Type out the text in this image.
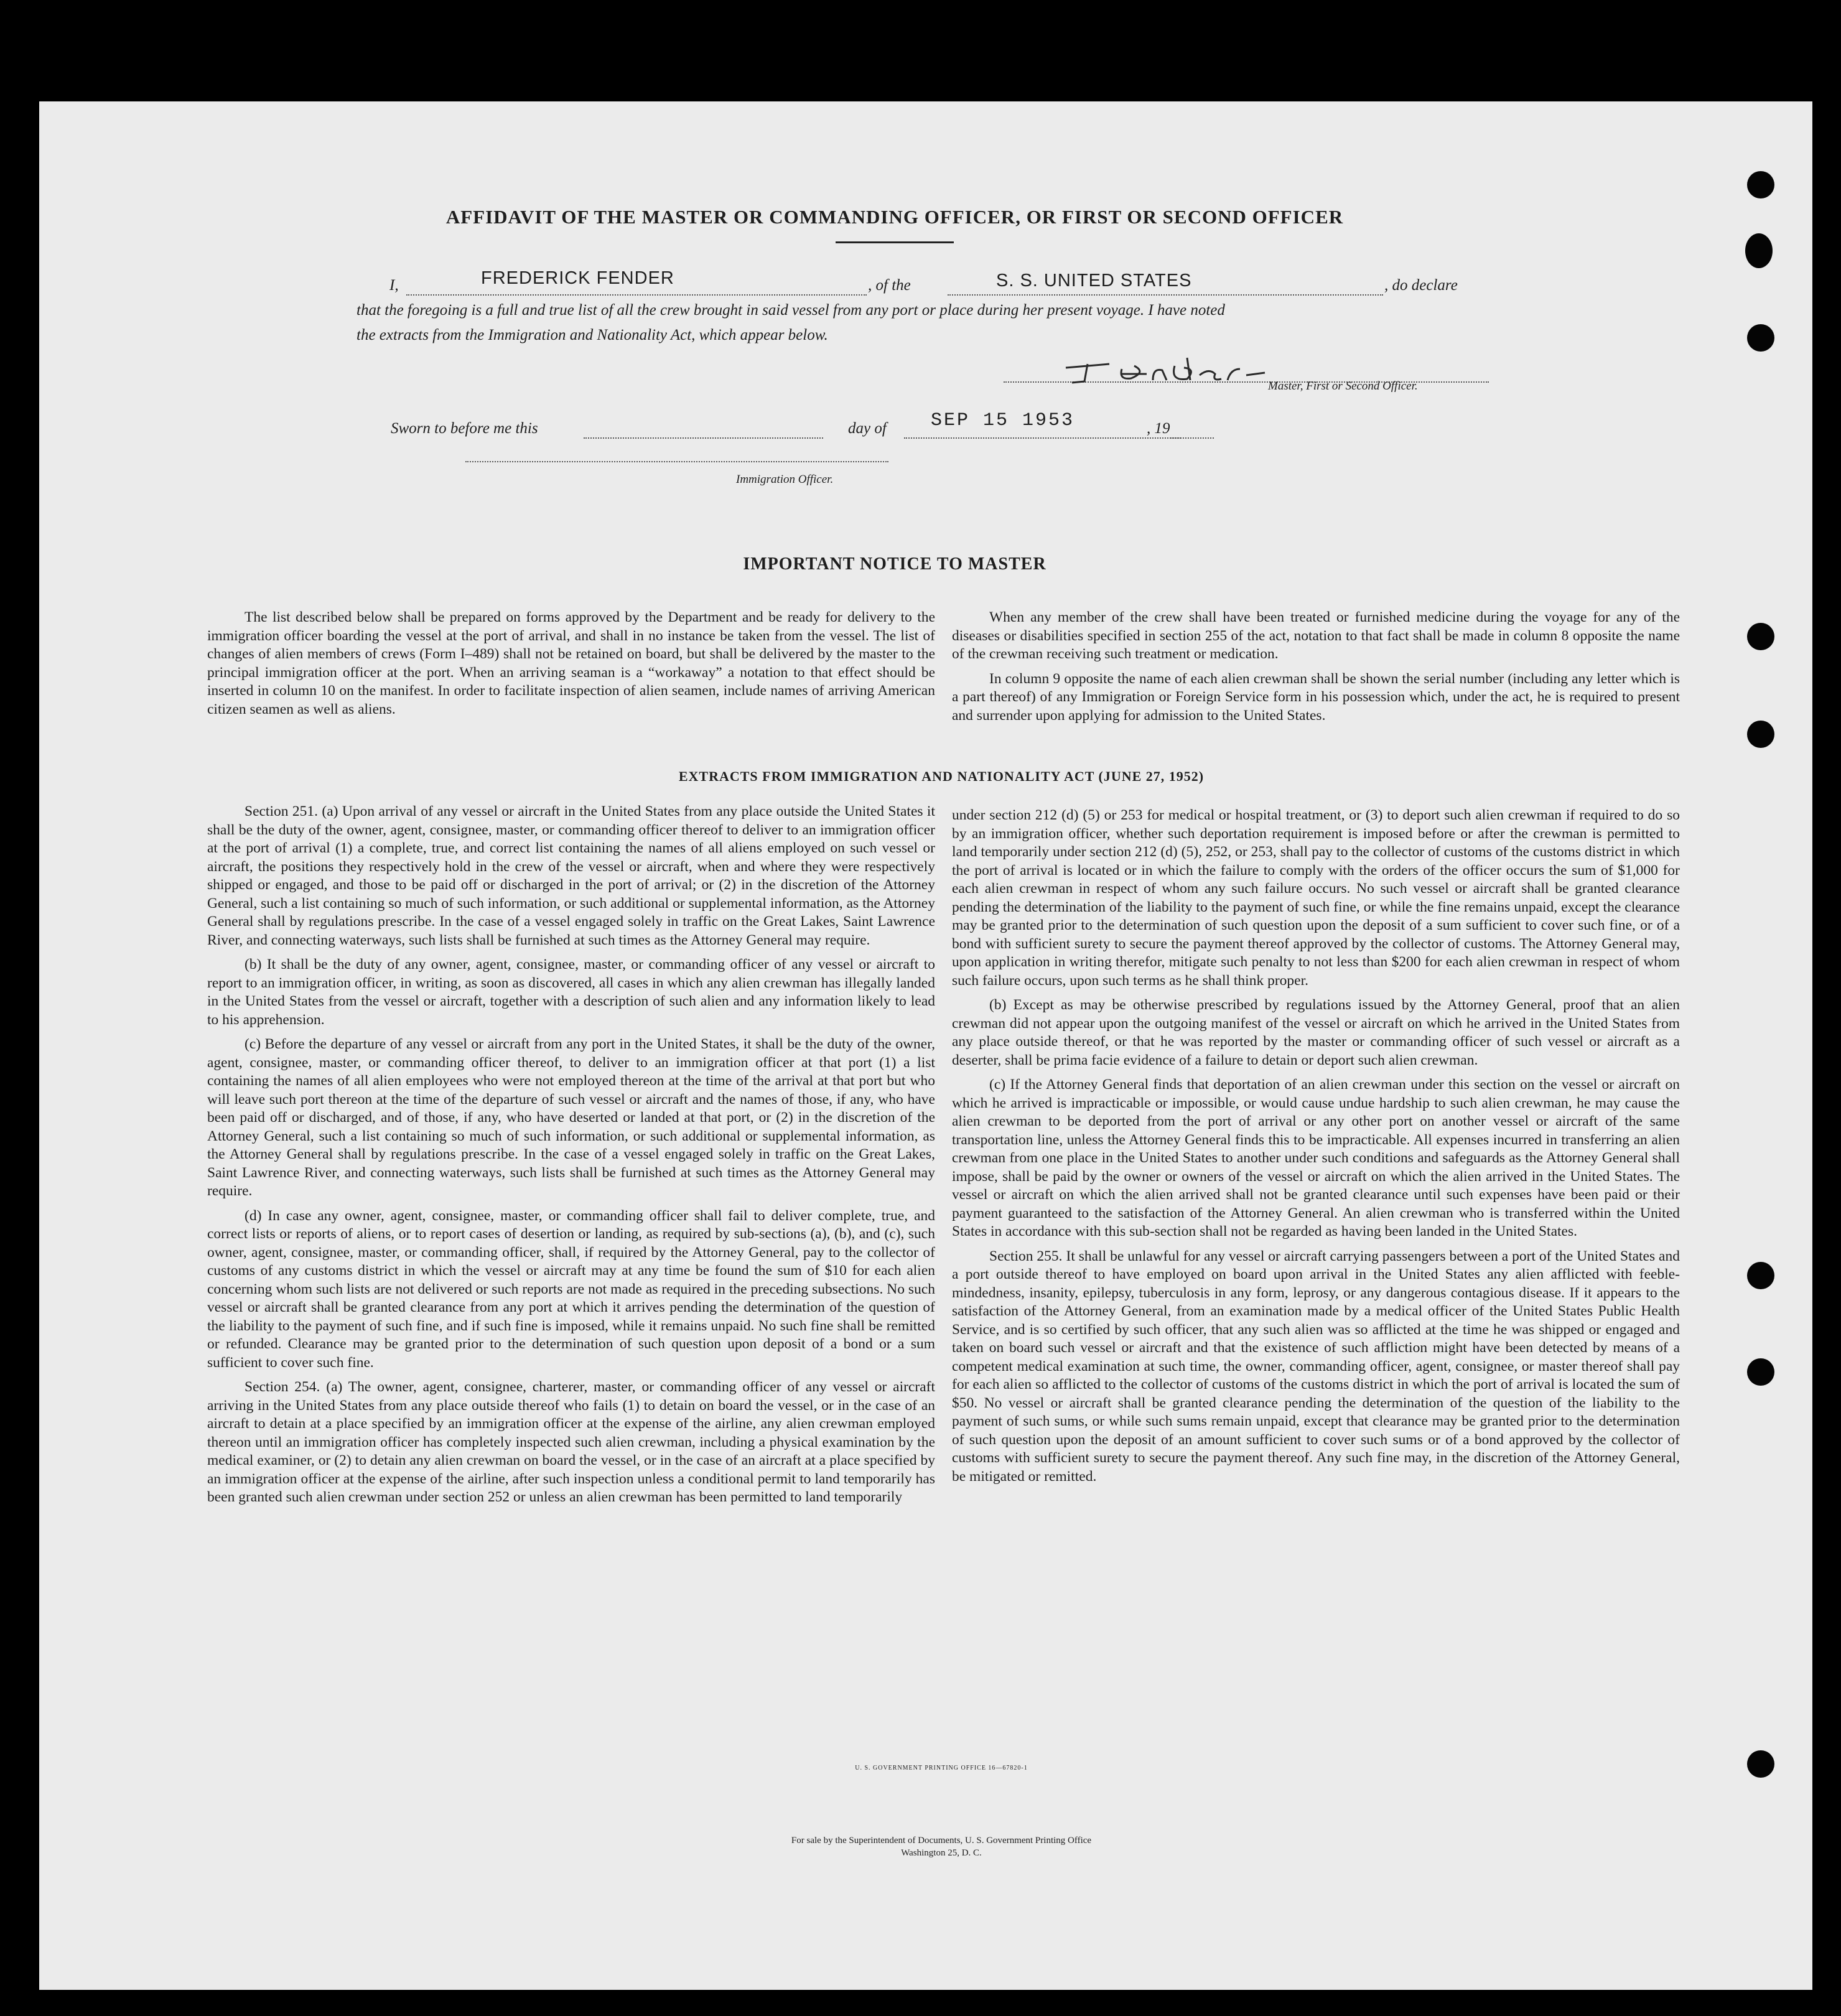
AFFIDAVIT OF THE MASTER OR COMMANDING OFFICER, OR FIRST OR SECOND OFFICER
I,	FREDERICK FENDER	, of the	S. S. UNITED STATES	, do declare
that the foregoing is a full and true list of all the crew brought in said vessel from any port or place during her present voyage. I have noted
the extracts from the Immigration and Nationality Act, which appear below.
Master, First or Second Officer.
Sworn to before me this	day of SEP 15 1953	, 19
Immigration Officer.
IMPORTANT NOTICE TO MASTER

The list described below shall be prepared on forms approved by the Department and be ready for delivery to the immigration officer boarding the vessel at the port of arrival, and shall in no instance be taken from the vessel. The list of changes of alien members of crews (Form I–489) shall not be retained on board, but shall be delivered by the master to the principal immigration officer at the port. When an arriving seaman is a “workaway” a notation to that effect should be inserted in column 10 on the manifest. In order to facilitate inspection of alien seamen, include names of arriving American citizen seamen as well as aliens.

When any member of the crew shall have been treated or furnished medicine during the voyage for any of the diseases or disabilities specified in section 255 of the act, notation to that fact shall be made in column 8 opposite the name of the crewman receiving such treatment or medication.

In column 9 opposite the name of each alien crewman shall be shown the serial number (including any letter which is a part thereof) of any Immigration or Foreign Service form in his possession which, under the act, he is required to present and surrender upon applying for admission to the United States.

EXTRACTS FROM IMMIGRATION AND NATIONALITY ACT (JUNE 27, 1952)

Section 251. (a) Upon arrival of any vessel or aircraft in the United States from any place outside the United States it shall be the duty of the owner, agent, consignee, master, or commanding officer thereof to deliver to an immigration officer at the port of arrival (1) a complete, true, and correct list containing the names of all aliens employed on such vessel or aircraft, the positions they respectively hold in the crew of the vessel or aircraft, when and where they were respectively shipped or engaged, and those to be paid off or discharged in the port of arrival; or (2) in the discretion of the Attorney General, such a list containing so much of such information, or such additional or supplemental information, as the Attorney General shall by regulations prescribe. In the case of a vessel engaged solely in traffic on the Great Lakes, Saint Lawrence River, and connecting waterways, such lists shall be furnished at such times as the Attorney General may require.

(b) It shall be the duty of any owner, agent, consignee, master, or commanding officer of any vessel or aircraft to report to an immigration officer, in writing, as soon as discovered, all cases in which any alien crewman has illegally landed in the United States from the vessel or aircraft, together with a description of such alien and any information likely to lead to his apprehension.

(c) Before the departure of any vessel or aircraft from any port in the United States, it shall be the duty of the owner, agent, consignee, master, or commanding officer thereof, to deliver to an immigration officer at that port (1) a list containing the names of all alien employees who were not employed thereon at the time of the arrival at that port but who will leave such port thereon at the time of the departure of such vessel or aircraft and the names of those, if any, who have been paid off or discharged, and of those, if any, who have deserted or landed at that port, or (2) in the discretion of the Attorney General, such a list containing so much of such information, or such additional or supplemental information, as the Attorney General shall by regulations prescribe. In the case of a vessel engaged solely in traffic on the Great Lakes, Saint Lawrence River, and connecting waterways, such lists shall be furnished at such times as the Attorney General may require.

(d) In case any owner, agent, consignee, master, or commanding officer shall fail to deliver complete, true, and correct lists or reports of aliens, or to report cases of desertion or landing, as required by sub-sections (a), (b), and (c), such owner, agent, consignee, master, or commanding officer, shall, if required by the Attorney General, pay to the collector of customs of any customs district in which the vessel or aircraft may at any time be found the sum of $10 for each alien concerning whom such lists are not delivered or such reports are not made as required in the preceding subsections. No such vessel or aircraft shall be granted clearance from any port at which it arrives pending the determination of the question of the liability to the payment of such fine, and if such fine is imposed, while it remains unpaid. No such fine shall be remitted or refunded. Clearance may be granted prior to the determination of such question upon deposit of a bond or a sum sufficient to cover such fine.

Section 254. (a) The owner, agent, consignee, charterer, master, or commanding officer of any vessel or aircraft arriving in the United States from any place outside thereof who fails (1) to detain on board the vessel, or in the case of an aircraft to detain at a place specified by an immigration officer at the expense of the airline, any alien crewman employed thereon until an immigration officer has completely inspected such alien crewman, including a physical examination by the medical examiner, or (2) to detain any alien crewman on board the vessel, or in the case of an aircraft at a place specified by an immigration officer at the expense of the airline, after such inspection unless a conditional permit to land temporarily has been granted such alien crewman under section 252 or unless an alien crewman has been permitted to land temporarily

under section 212 (d) (5) or 253 for medical or hospital treatment, or (3) to deport such alien crewman if required to do so by an immigration officer, whether such deportation requirement is imposed before or after the crewman is permitted to land temporarily under section 212 (d) (5), 252, or 253, shall pay to the collector of customs of the customs district in which the port of arrival is located or in which the failure to comply with the orders of the officer occurs the sum of $1,000 for each alien crewman in respect of whom any such failure occurs. No such vessel or aircraft shall be granted clearance pending the determination of the liability to the payment of such fine, or while the fine remains unpaid, except the clearance may be granted prior to the determination of such question upon the deposit of a sum sufficient to cover such fine, or of a bond with sufficient surety to secure the payment thereof approved by the collector of customs. The Attorney General may, upon application in writing therefor, mitigate such penalty to not less than $200 for each alien crewman in respect of whom such failure occurs, upon such terms as he shall think proper.

(b) Except as may be otherwise prescribed by regulations issued by the Attorney General, proof that an alien crewman did not appear upon the outgoing manifest of the vessel or aircraft on which he arrived in the United States from any place outside thereof, or that he was reported by the master or commanding officer of such vessel or aircraft as a deserter, shall be prima facie evidence of a failure to detain or deport such alien crewman.

(c) If the Attorney General finds that deportation of an alien crewman under this section on the vessel or aircraft on which he arrived is impracticable or impossible, or would cause undue hardship to such alien crewman, he may cause the alien crewman to be deported from the port of arrival or any other port on another vessel or aircraft of the same transportation line, unless the Attorney General finds this to be impracticable. All expenses incurred in transferring an alien crewman from one place in the United States to another under such conditions and safeguards as the Attorney General shall impose, shall be paid by the owner or owners of the vessel or aircraft on which the alien arrived in the United States. The vessel or aircraft on which the alien arrived shall not be granted clearance until such expenses have been paid or their payment guaranteed to the satisfaction of the Attorney General. An alien crewman who is transferred within the United States in accordance with this sub-section shall not be regarded as having been landed in the United States.

Section 255. It shall be unlawful for any vessel or aircraft carrying passengers between a port of the United States and a port outside thereof to have employed on board upon arrival in the United States any alien afflicted with feeble-mindedness, insanity, epilepsy, tuberculosis in any form, leprosy, or any dangerous contagious disease. If it appears to the satisfaction of the Attorney General, from an examination made by a medical officer of the United States Public Health Service, and is so certified by such officer, that any such alien was so afflicted at the time he was shipped or engaged and taken on board such vessel or aircraft and that the existence of such affliction might have been detected by means of a competent medical examination at such time, the owner, commanding officer, agent, consignee, or master thereof shall pay for each alien so afflicted to the collector of customs of the customs district in which the port of arrival is located the sum of $50. No vessel or aircraft shall be granted clearance pending the determination of the question of the liability to the payment of such sums, or while such sums remain unpaid, except that clearance may be granted prior to the determination of such question upon the deposit of an amount sufficient to cover such sums or of a bond approved by the collector of customs with sufficient surety to secure the payment thereof. Any such fine may, in the discretion of the Attorney General, be mitigated or remitted.

U. S. GOVERNMENT PRINTING OFFICE 16—67820-1
For sale by the Superintendent of Documents, U. S. Government Printing Office
Washington 25, D. C.
